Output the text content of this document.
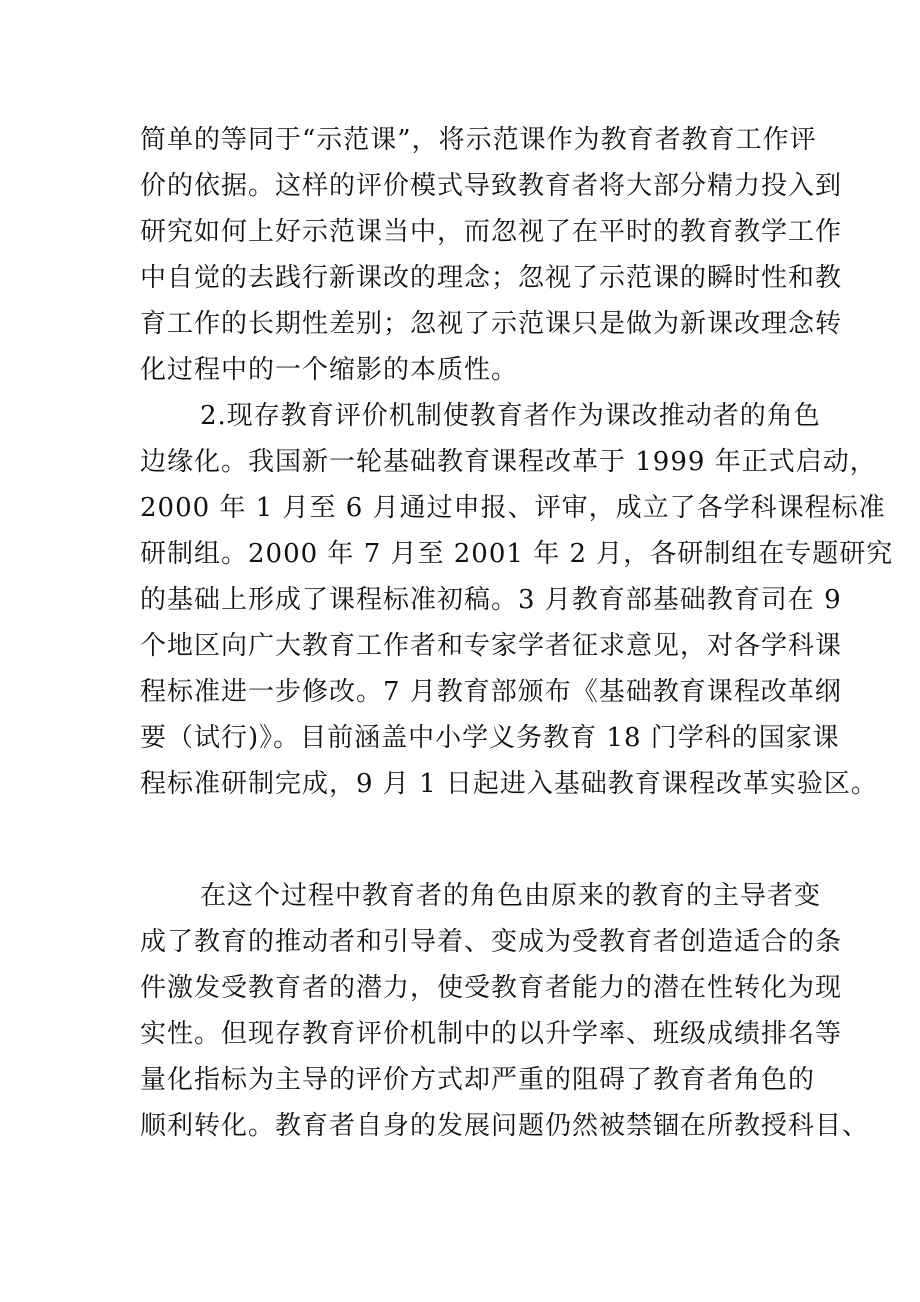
简单的等同于“示范课”，将示范课作为教育者教育工作评
价的依据。这样的评价模式导致教育者将大部分精力投入到
研究如何上好示范课当中，而忽视了在平时的教育教学工作
中自觉的去践行新课改的理念；忽视了示范课的瞬时性和教
育工作的长期性差别；忽视了示范课只是做为新课改理念转
化过程中的一个缩影的本质性。
2.现存教育评价机制使教育者作为课改推动者的角色
边缘化。我国新一轮基础教育课程改革于 1999 年正式启动，
2000 年 1 月至 6 月通过申报、评审，成立了各学科课程标准
研制组。2000 年 7 月至 2001 年 2 月，各研制组在专题研究
的基础上形成了课程标准初稿。3 月教育部基础教育司在 9
个地区向广大教育工作者和专家学者征求意见，对各学科课
程标准进一步修改。7 月教育部颁布《基础教育课程改革纲
要（试行)》。目前涵盖中小学义务教育 18 门学科的国家课
程标准研制完成，9 月 1 日起进入基础教育课程改革实验区。
在这个过程中教育者的角色由原来的教育的主导者变
成了教育的推动者和引导着、变成为受教育者创造适合的条
件激发受教育者的潜力，使受教育者能力的潜在性转化为现
实性。但现存教育评价机制中的以升学率、班级成绩排名等
量化指标为主导的评价方式却严重的阻碍了教育者角色的
顺利转化。教育者自身的发展问题仍然被禁锢在所教授科目、
